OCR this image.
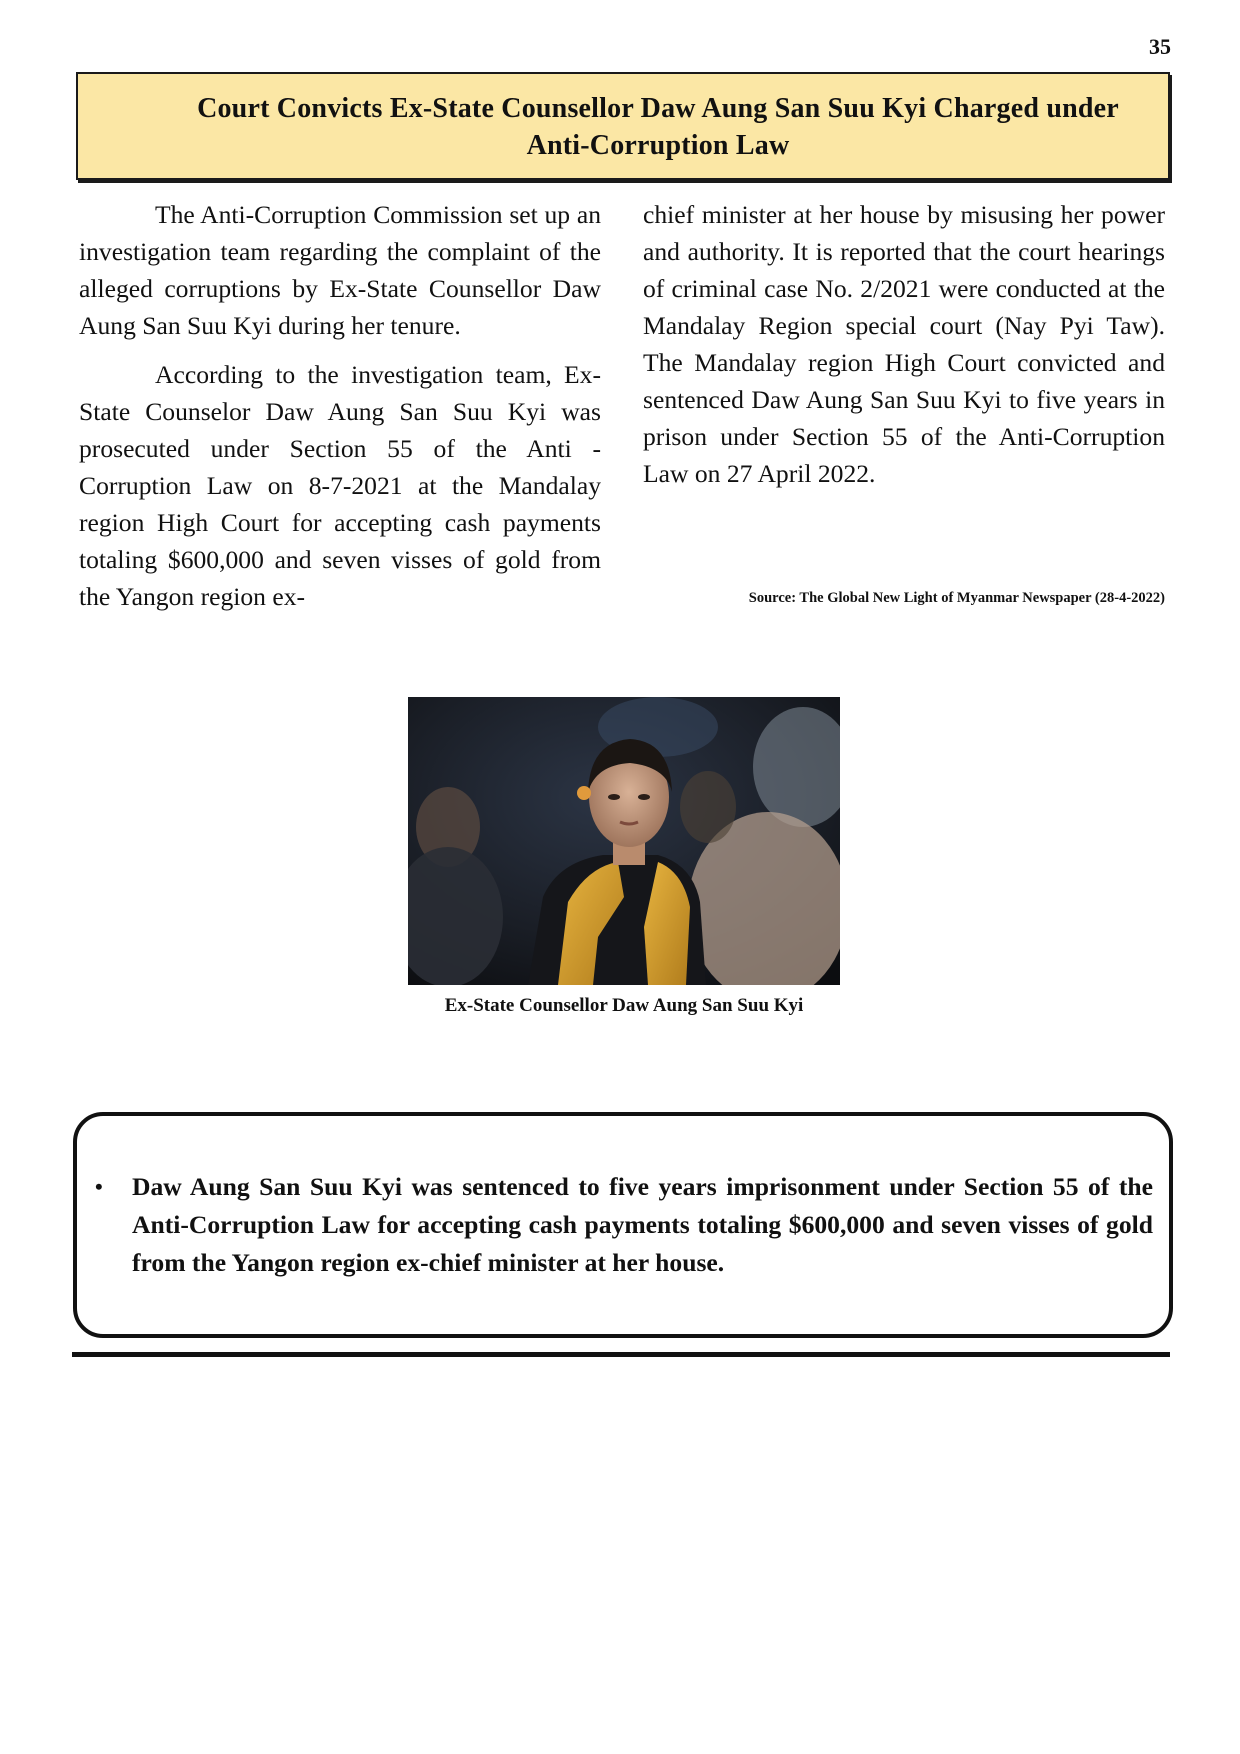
35
Court Convicts Ex-State Counsellor Daw Aung San Suu Kyi Charged under Anti-Corruption Law

The Anti-Corruption Commission set up an investigation team regarding the complaint of the alleged corruptions by Ex-State Counsellor Daw Aung San Suu Kyi during her tenure.

According to the investigation team, Ex-State Counselor Daw Aung San Suu Kyi was prosecuted under Section 55 of the Anti -Corruption Law on 8-7-2021 at the Mandalay region High Court for accepting cash payments totaling $600,000 and seven visses of gold from the Yangon region ex-

chief minister at her house by misusing her power and authority. It is reported that the court hearings of criminal case No. 2/2021 were conducted at the Mandalay Region special court (Nay Pyi Taw). The Mandalay region High Court convicted and sentenced Daw Aung San Suu Kyi to five years in prison under Section 55 of the Anti-Corruption Law on 27 April 2022.

Source: The Global New Light of Myanmar Newspaper (28-4-2022)
Ex-State Counsellor Daw Aung San Suu Kyi
• Daw Aung San Suu Kyi was sentenced to five years imprisonment under Section 55 of the Anti-Corruption Law for accepting cash payments totaling $600,000 and seven visses of gold from the Yangon region ex-chief minister at her house.
